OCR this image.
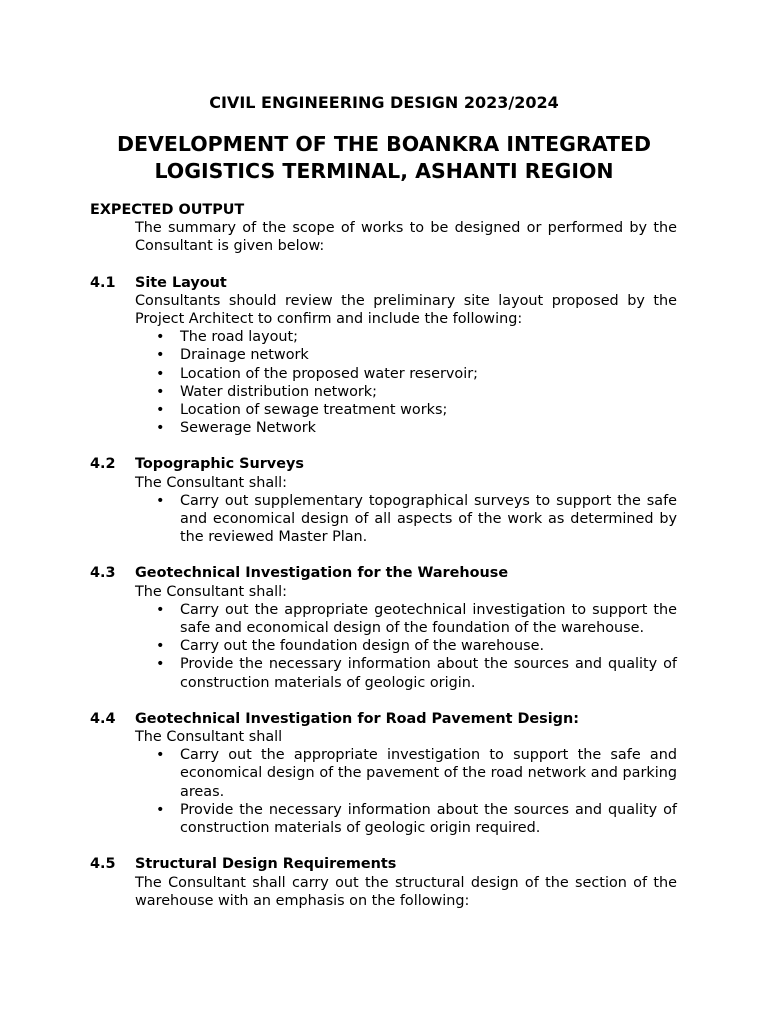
CIVIL ENGINEERING DESIGN 2023/2024
DEVELOPMENT OF THE BOANKRA INTEGRATED
LOGISTICS TERMINAL, ASHANTI REGION
EXPECTED OUTPUT

The summary of the scope of works to be designed or performed by the Consultant is given below:

4.1	Site Layout

Consultants should review the preliminary site layout proposed by the Project Architect to confirm and include the following:

• The road layout;
• Drainage network
• Location of the proposed water reservoir;
• Water distribution network;
• Location of sewage treatment works;
• Sewerage Network
4.2	Topographic Surveys

The Consultant shall:

• Carry out supplementary topographical surveys to support the safe and economical design of all aspects of the work as determined by the reviewed Master Plan.
4.3	Geotechnical Investigation for the Warehouse

The Consultant shall:

• Carry out the appropriate geotechnical investigation to support the safe and economical design of the foundation of the warehouse.
• Carry out the foundation design of the warehouse.
• Provide the necessary information about the sources and quality of construction materials of geologic origin.
4.4	Geotechnical Investigation for Road Pavement Design:

The Consultant shall

• Carry out the appropriate investigation to support the safe and economical design of the pavement of the road network and parking areas.
• Provide the necessary information about the sources and quality of construction materials of geologic origin required.
4.5	Structural Design Requirements

The Consultant shall carry out the structural design of the section of the warehouse with an emphasis on the following:
